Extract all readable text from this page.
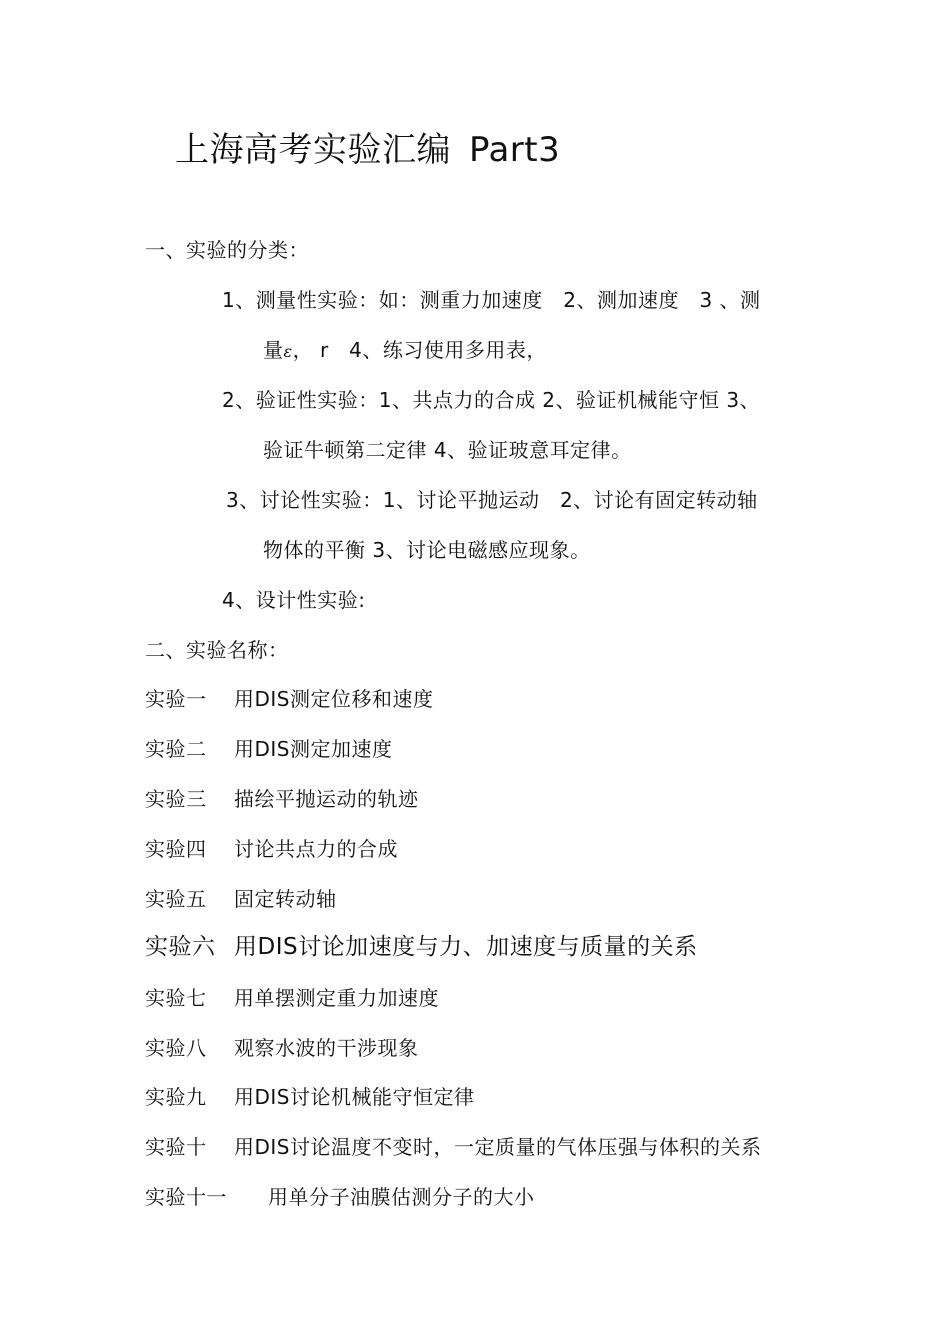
上海高考实验汇编 Part3
一、实验的分类：
1、测量性实验：如：测重力加速度　2、测加速度　3 、测
量ε， r　4、练习使用多用表，
2、验证性实验：1、共点力的合成 2、验证机械能守恒 3、
验证牛顿第二定律 4、验证玻意耳定律。
3、讨论性实验：1、讨论平抛运动　2、讨论有固定转动轴
物体的平衡 3、讨论电磁感应现象。
4、设计性实验:
二、实验名称：
实验一 用DIS测定位移和速度
实验二 用DIS测定加速度
实验三 描绘平抛运动的轨迹
实验四 讨论共点力的合成
实验五 固定转动轴
实验六 用DIS讨论加速度与力、加速度与质量的关系
实验七 用单摆测定重力加速度
实验八 观察水波的干涉现象
实验九 用DIS讨论机械能守恒定律
实验十 用DIS讨论温度不变时，一定质量的气体压强与体积的关系
实验十一 用单分子油膜估测分子的大小
